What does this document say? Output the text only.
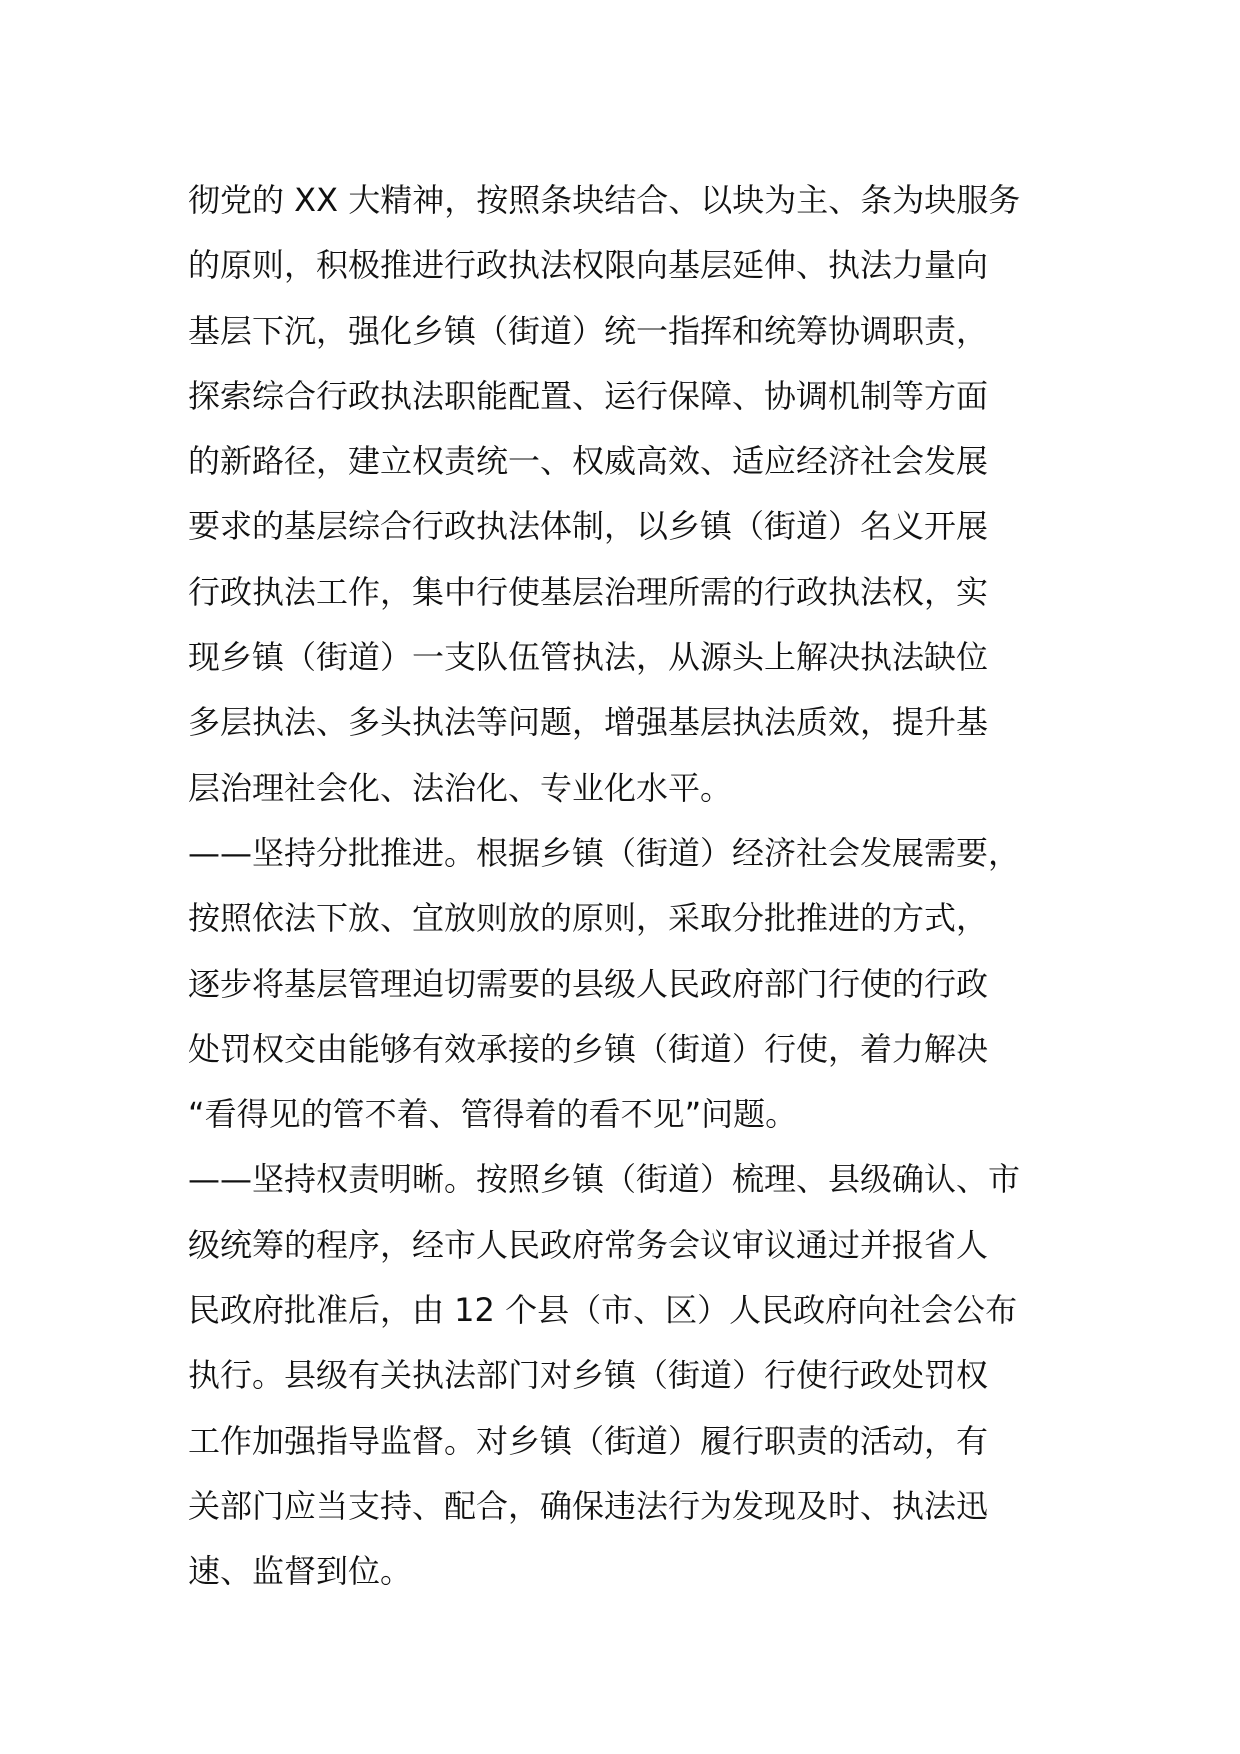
彻党的 XX 大精神，按照条块结合、以块为主、条为块服务
的原则，积极推进行政执法权限向基层延伸、执法力量向
基层下沉，强化乡镇（街道）统一指挥和统筹协调职责，
探索综合行政执法职能配置、运行保障、协调机制等方面
的新路径，建立权责统一、权威高效、适应经济社会发展
要求的基层综合行政执法体制，以乡镇（街道）名义开展
行政执法工作，集中行使基层治理所需的行政执法权，实
现乡镇（街道）一支队伍管执法，从源头上解决执法缺位
多层执法、多头执法等问题，增强基层执法质效，提升基
层治理社会化、法治化、专业化水平。
——坚持分批推进。根据乡镇（街道）经济社会发展需要，
按照依法下放、宜放则放的原则，采取分批推进的方式，
逐步将基层管理迫切需要的县级人民政府部门行使的行政
处罚权交由能够有效承接的乡镇（街道）行使，着力解决
“看得见的管不着、管得着的看不见”问题。
——坚持权责明晰。按照乡镇（街道）梳理、县级确认、市
级统筹的程序，经市人民政府常务会议审议通过并报省人
民政府批准后，由 12 个县（市、区）人民政府向社会公布
执行。县级有关执法部门对乡镇（街道）行使行政处罚权
工作加强指导监督。对乡镇（街道）履行职责的活动，有
关部门应当支持、配合，确保违法行为发现及时、执法迅
速、监督到位。
